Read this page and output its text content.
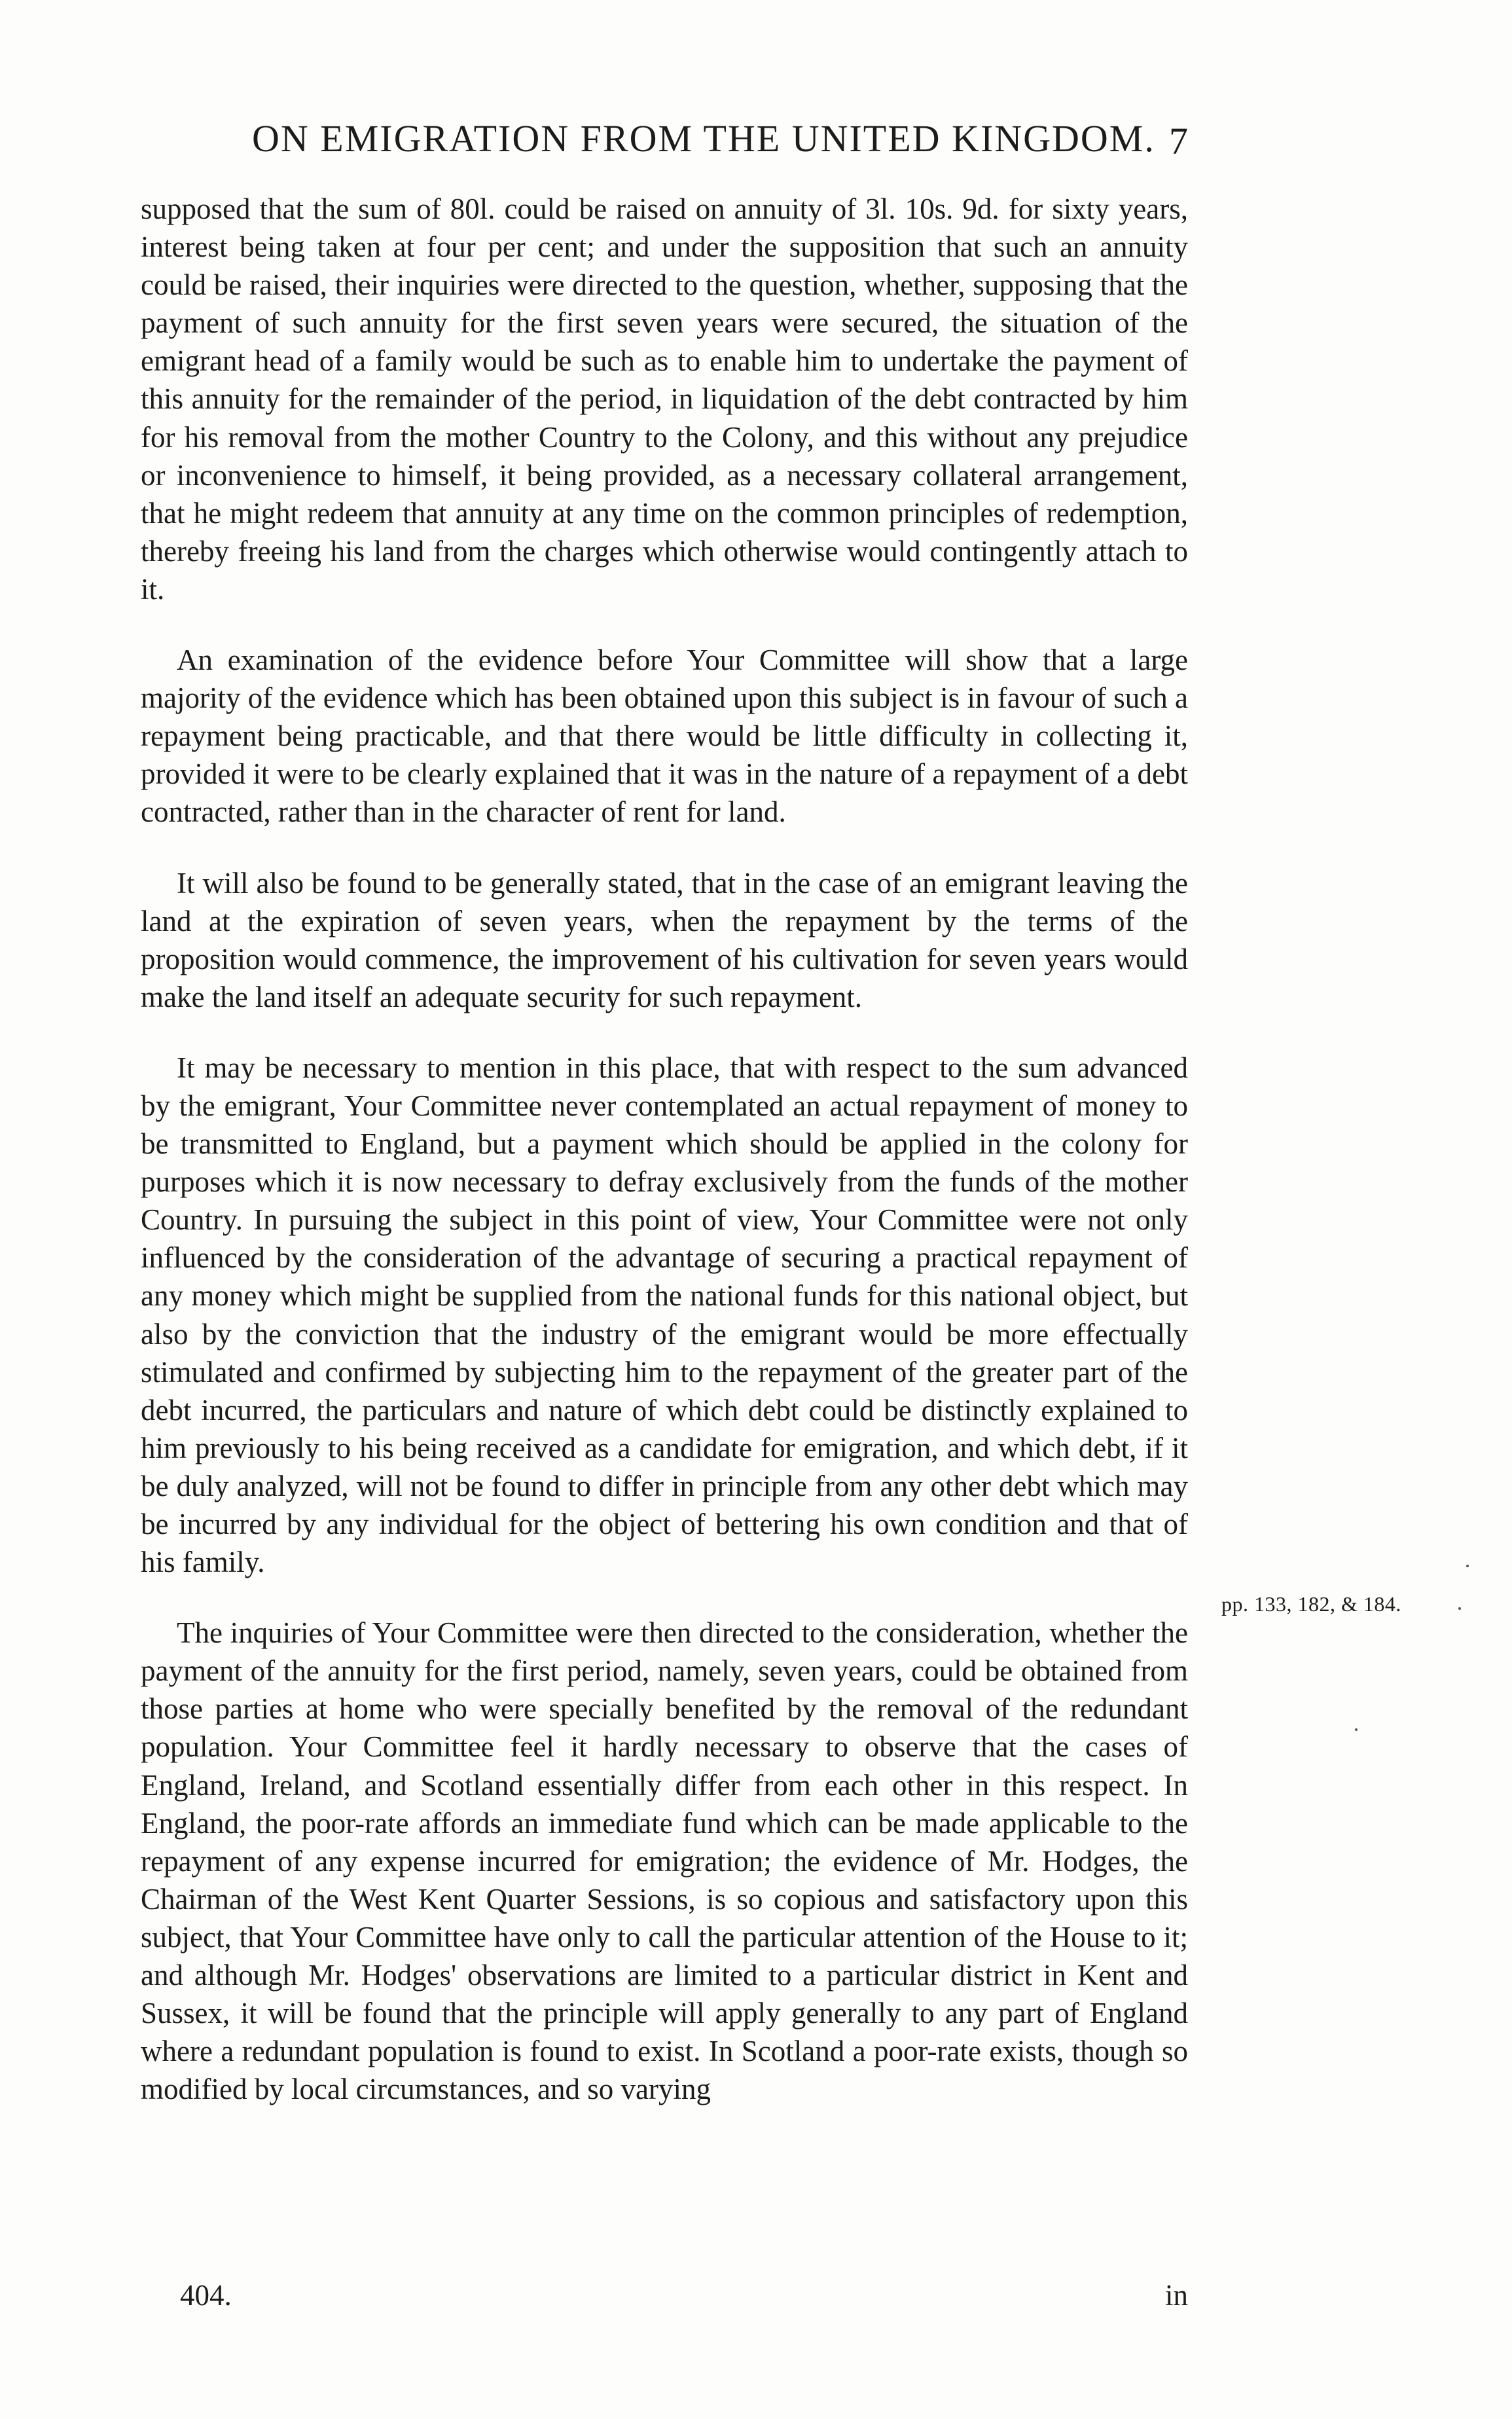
ON EMIGRATION FROM THE UNITED KINGDOM. 7

supposed that the sum of 80l. could be raised on annuity of 3l. 10s. 9d. for sixty years, interest being taken at four per cent; and under the supposition that such an annuity could be raised, their inquiries were directed to the question, whether, supposing that the payment of such annuity for the first seven years were secured, the situation of the emigrant head of a family would be such as to enable him to undertake the payment of this annuity for the remainder of the period, in liquidation of the debt contracted by him for his removal from the mother Country to the Colony, and this without any prejudice or inconvenience to himself, it being provided, as a necessary collateral arrangement, that he might redeem that annuity at any time on the common principles of redemption, thereby freeing his land from the charges which otherwise would contingently attach to it.

An examination of the evidence before Your Committee will show that a large majority of the evidence which has been obtained upon this subject is in favour of such a repayment being practicable, and that there would be little difficulty in collecting it, provided it were to be clearly explained that it was in the nature of a repayment of a debt contracted, rather than in the character of rent for land.

It will also be found to be generally stated, that in the case of an emigrant leaving the land at the expiration of seven years, when the repayment by the terms of the proposition would commence, the improvement of his cultivation for seven years would make the land itself an adequate security for such repayment.

It may be necessary to mention in this place, that with respect to the sum advanced by the emigrant, Your Committee never contemplated an actual repayment of money to be transmitted to England, but a payment which should be applied in the colony for purposes which it is now necessary to defray exclusively from the funds of the mother Country. In pursuing the subject in this point of view, Your Committee were not only influenced by the consideration of the advantage of securing a practical repayment of any money which might be supplied from the national funds for this national object, but also by the conviction that the industry of the emigrant would be more effectually stimulated and confirmed by subjecting him to the repayment of the greater part of the debt incurred, the particulars and nature of which debt could be distinctly explained to him previously to his being received as a candidate for emigration, and which debt, if it be duly analyzed, will not be found to differ in principle from any other debt which may be incurred by any individual for the object of bettering his own condition and that of his family.

The inquiries of Your Committee were then directed to the consideration, whether the payment of the annuity for the first period, namely, seven years, could be obtained from those parties at home who were specially benefited by the removal of the redundant population. Your Committee feel it hardly necessary to observe that the cases of England, Ireland, and Scotland essentially differ from each other in this respect. In England, the poor-rate affords an immediate fund which can be made applicable to the repayment of any expense incurred for emigration; the evidence of Mr. Hodges, the Chairman of the West Kent Quarter Sessions, is so copious and satisfactory upon this subject, that Your Committee have only to call the particular attention of the House to it; and although Mr. Hodges' observations are limited to a particular district in Kent and Sussex, it will be found that the principle will apply generally to any part of England where a redundant population is found to exist. In Scotland a poor-rate exists, though so modified by local circumstances, and so varying

pp. 133, 182, & 184.
404.	in
